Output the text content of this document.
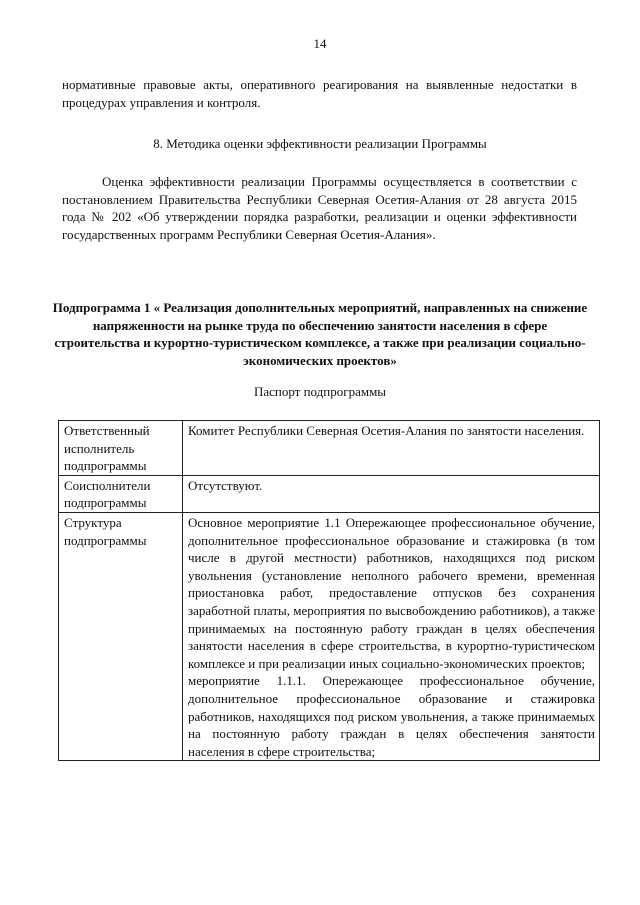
14

нормативные правовые акты, оперативного реагирования на выявленные недостатки в процедурах управления и контроля.

8. Методика оценки эффективности реализации Программы

Оценка эффективности реализации Программы осуществляется в соответствии с постановлением Правительства Республики Северная Осетия-Алания от 28 августа 2015 года № 202 «Об утверждении порядка разработки, реализации и оценки эффективности государственных программ Республики Северная Осетия-Алания».

Подпрограмма 1 « Реализация дополнительных мероприятий, направленных на снижение напряженности на рынке труда по обеспечению занятости населения в сфере строительства и курортно-туристическом комплексе, а также при реализации социально-экономических проектов»
Паспорт подпрограммы
Ответственный исполнитель подпрограммы	Комитет Республики Северная Осетия-Алания по занятости населения.
Соисполнители подпрограммы	Отсутствуют.
Структура подпрограммы	Основное мероприятие 1.1 Опережающее профессиональное обучение, дополнительное профессиональное образование и стажировка (в том числе в другой местности) работников, находящихся под риском увольнения (установление неполного рабочего времени, временная приостановка работ, предоставление отпусков без сохранения заработной платы, мероприятия по высвобождению работников), а также принимаемых на постоянную работу граждан в целях обеспечения занятости населения в сфере строительства, в курортно-туристическом комплексе и при реализации иных социально-экономических проектов;
мероприятие 1.1.1. Опережающее профессиональное обучение, дополнительное профессиональное образование и стажировка работников, находящихся под риском увольнения, а также принимаемых на постоянную работу граждан в целях обеспечения занятости населения в сфере строительства;
